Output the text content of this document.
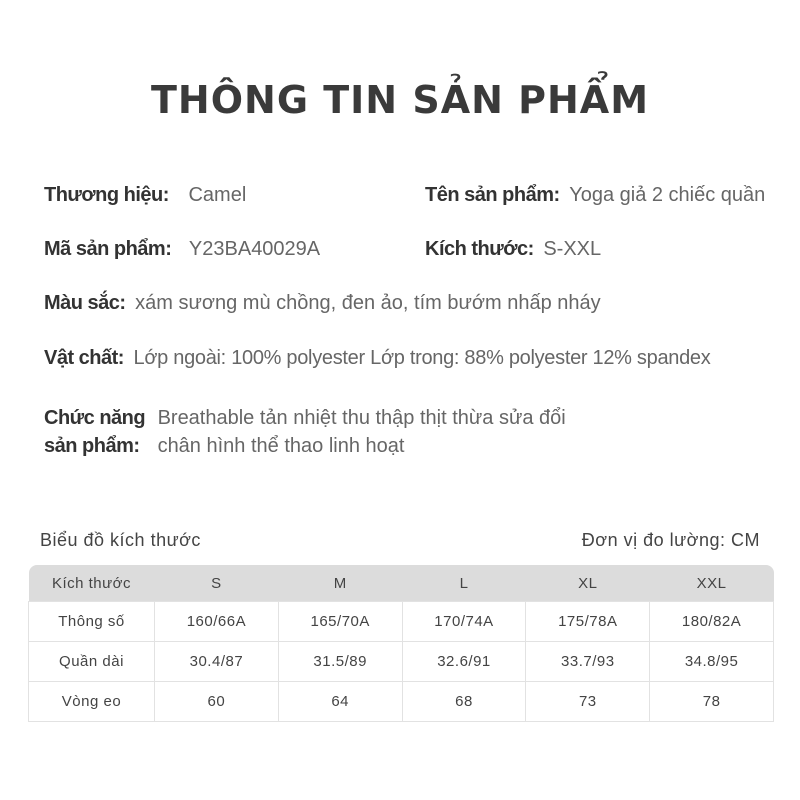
THÔNG TIN SẢN PHẨM
Thương hiệu: Camel	Tên sản phẩm: Yoga giả 2 chiếc quần
Mã sản phẩm: Y23BA40029A	Kích thước: S-XXL
Màu sắc: xám sương mù chồng, đen ảo, tím bướm nhấp nháy
Vật chất: Lớp ngoài: 100% polyester Lớp trong: 88% polyester 12% spandex
Chức năng
sản phẩm: Breathable tản nhiệt thu thập thịt thừa sửa đổi
chân hình thể thao linh hoạt
Biểu đồ kích thước	Đơn vị đo lường: CM
Kích thước	S	M	L	XL	XXL
Thông số	160/66A	165/70A	170/74A	175/78A	180/82A
Quần dài	30.4/87	31.5/89	32.6/91	33.7/93	34.8/95
Vòng eo	60	64	68	73	78
